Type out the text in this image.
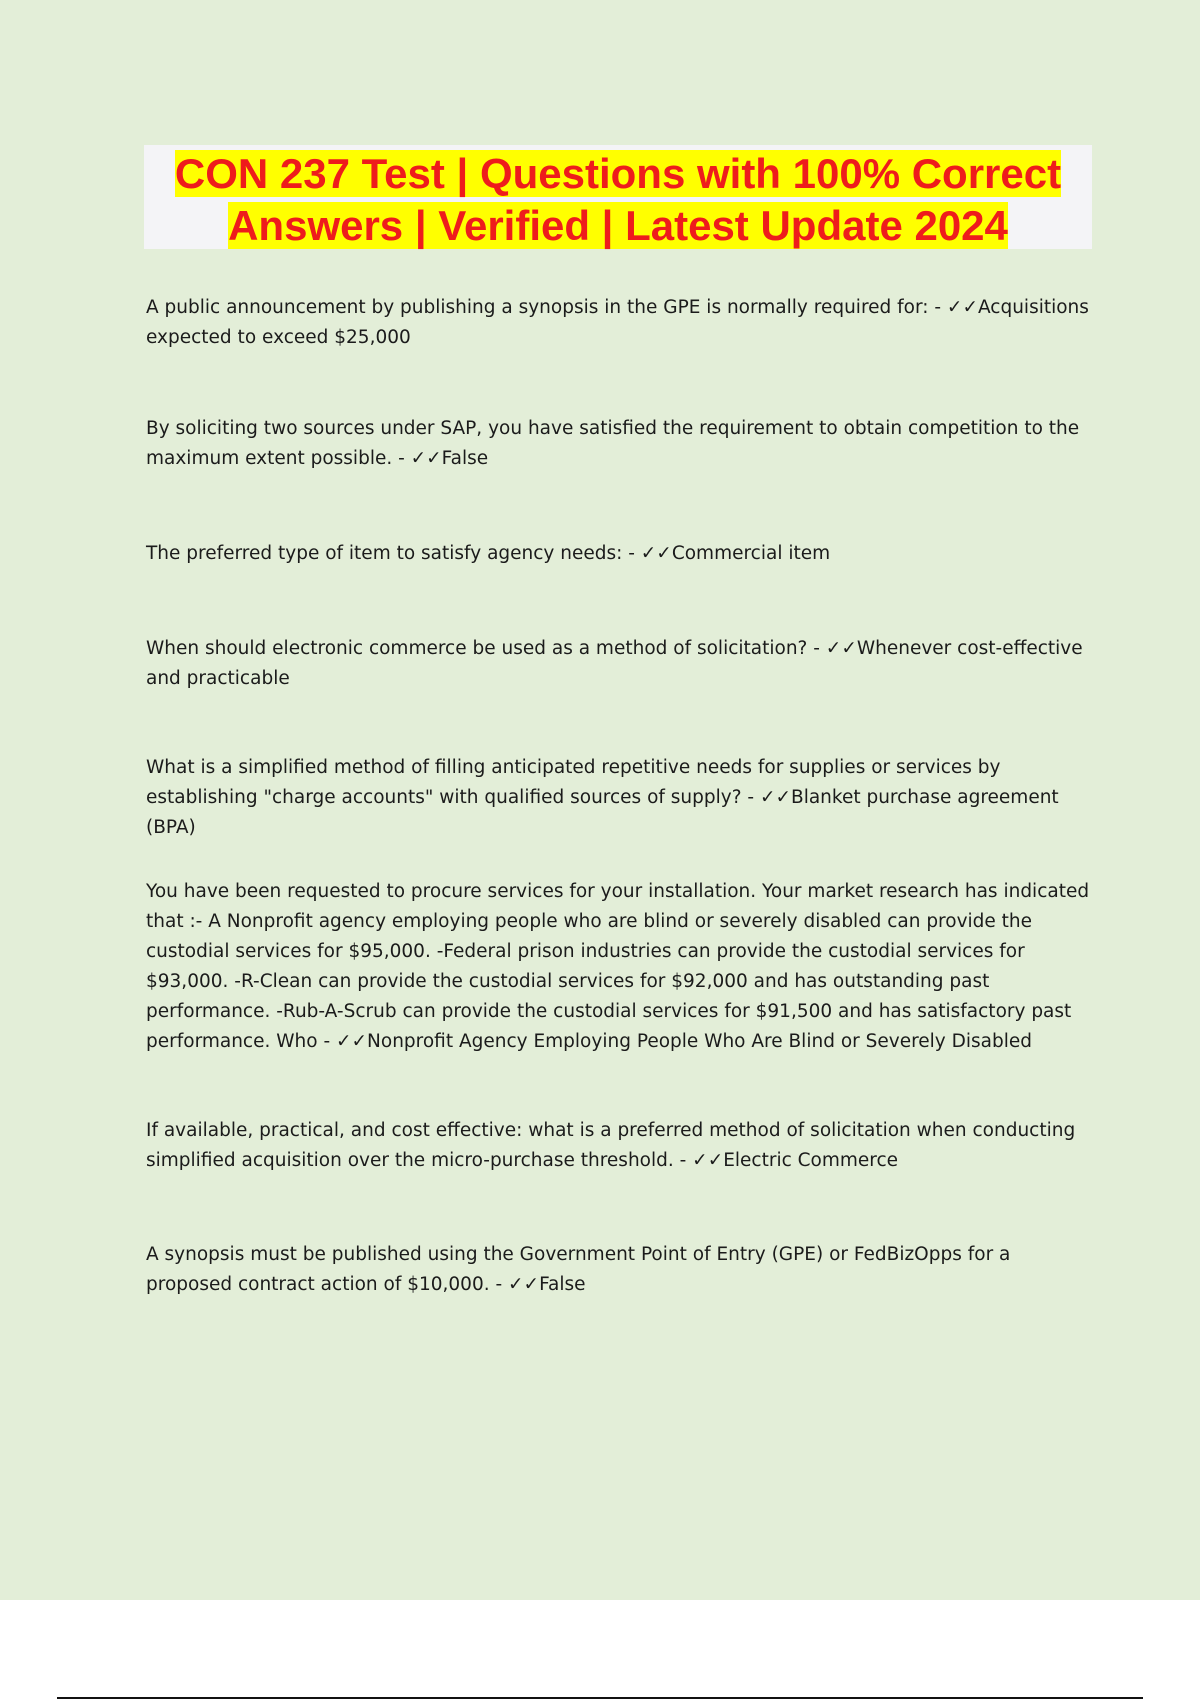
CON 237 Test | Questions with 100% Correct
Answers | Verified | Latest Update 2024

A public announcement by publishing a synopsis in the GPE is normally required for: - ✓✓Acquisitions expected to exceed $25,000

By soliciting two sources under SAP, you have satisfied the requirement to obtain competition to the maximum extent possible. - ✓✓False

The preferred type of item to satisfy agency needs: - ✓✓Commercial item

When should electronic commerce be used as a method of solicitation? - ✓✓Whenever cost-effective and practicable

What is a simplified method of filling anticipated repetitive needs for supplies or services by establishing "charge accounts" with qualified sources of supply? - ✓✓Blanket purchase agreement (BPA)

You have been requested to procure services for your installation. Your market research has indicated that :- A Nonprofit agency employing people who are blind or severely disabled can provide the custodial services for $95,000. -Federal prison industries can provide the custodial services for $93,000. -R-Clean can provide the custodial services for $92,000 and has outstanding past performance. -Rub-A-Scrub can provide the custodial services for $91,500 and has satisfactory past performance. Who - ✓✓Nonprofit Agency Employing People Who Are Blind or Severely Disabled

If available, practical, and cost effective: what is a preferred method of solicitation when conducting simplified acquisition over the micro-purchase threshold. - ✓✓Electric Commerce

A synopsis must be published using the Government Point of Entry (GPE) or FedBizOpps for a proposed contract action of $10,000. - ✓✓False
